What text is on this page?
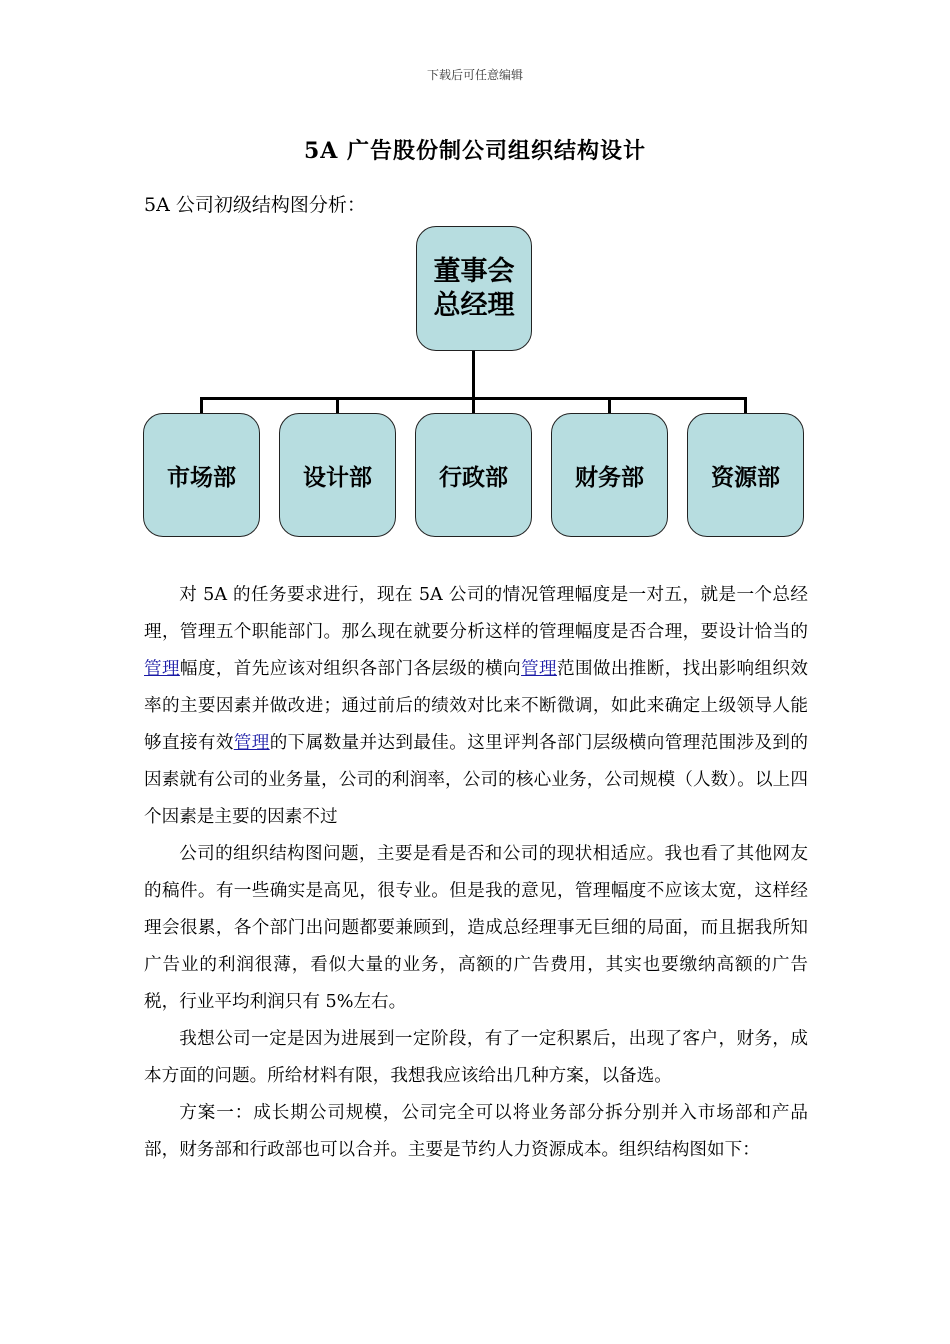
下载后可任意编辑
5A 广告股份制公司组织结构设计
5A 公司初级结构图分析：
董事会
总经理
市场部	设计部	行政部	财务部	资源部

对 5A 的任务要求进行，现在 5A 公司的情况管理幅度是一对五，就是一个总经理，管理五个职能部门。那么现在就要分析这样的管理幅度是否合理，要设计恰当的管理幅度，首先应该对组织各部门各层级的横向管理范围做出推断，找出影响组织效率的主要因素并做改进；通过前后的绩效对比来不断微调，如此来确定上级领导人能够直接有效管理的下属数量并达到最佳。这里评判各部门层级横向管理范围涉及到的因素就有公司的业务量，公司的利润率，公司的核心业务，公司规模（人数）。以上四个因素是主要的因素不过

公司的组织结构图问题，主要是看是否和公司的现状相适应。我也看了其他网友的稿件。有一些确实是高见，很专业。但是我的意见，管理幅度不应该太宽，这样经理会很累，各个部门出问题都要兼顾到，造成总经理事无巨细的局面，而且据我所知广告业的利润很薄，看似大量的业务，高额的广告费用，其实也要缴纳高额的广告税，行业平均利润只有 5%左右。

我想公司一定是因为进展到一定阶段，有了一定积累后，出现了客户，财务，成本方面的问题。所给材料有限，我想我应该给出几种方案，以备选。

方案一：成长期公司规模，公司完全可以将业务部分拆分别并入市场部和产品部，财务部和行政部也可以合并。主要是节约人力资源成本。组织结构图如下：
